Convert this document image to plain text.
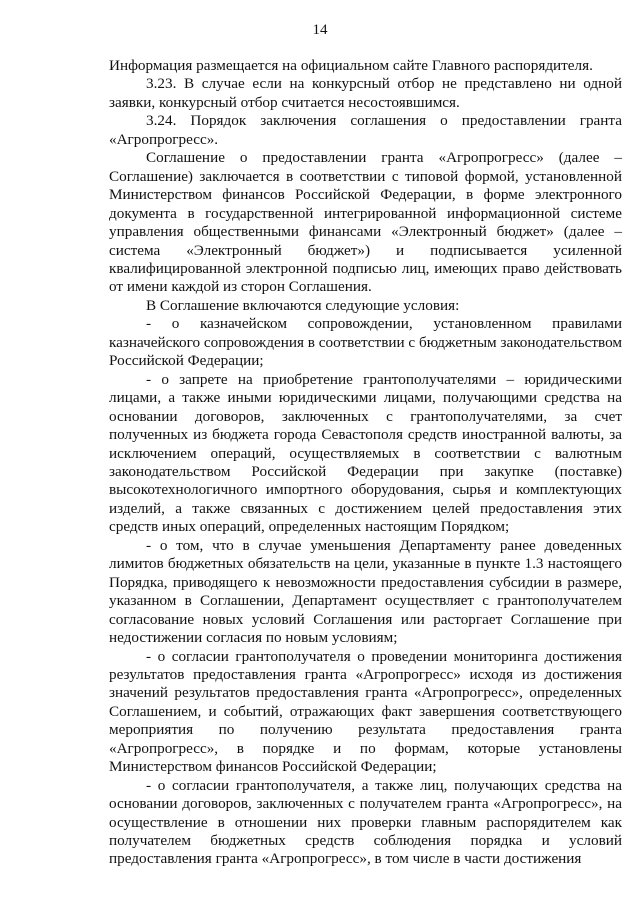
14

Информация размещается на официальном сайте Главного распорядителя.

3.23. В случае если на конкурсный отбор не представлено ни одной заявки, конкурсный отбор считается несостоявшимся.

3.24. Порядок заключения соглашения о предоставлении гранта «Агропрогресс».

Соглашение о предоставлении гранта «Агропрогресс» (далее – Соглашение) заключается в соответствии с типовой формой, установленной Министерством финансов Российской Федерации, в форме электронного документа в государственной интегрированной информационной системе управления общественными финансами «Электронный бюджет» (далее – система «Электронный бюджет») и подписывается усиленной квалифицированной электронной подписью лиц, имеющих право действовать от имени каждой из сторон Соглашения.

В Соглашение включаются следующие условия:

- о казначейском сопровождении, установленном правилами казначейского сопровождения в соответствии с бюджетным законодательством Российской Федерации;

- о запрете на приобретение грантополучателями – юридическими лицами, а также иными юридическими лицами, получающими средства на основании договоров, заключенных с грантополучателями, за счет полученных из бюджета города Севастополя средств иностранной валюты, за исключением операций, осуществляемых в соответствии с валютным законодательством Российской Федерации при закупке (поставке) высокотехнологичного импортного оборудования, сырья и комплектующих изделий, а также связанных с достижением целей предоставления этих средств иных операций, определенных настоящим Порядком;

- о том, что в случае уменьшения Департаменту ранее доведенных лимитов бюджетных обязательств на цели, указанные в пункте 1.3 настоящего Порядка, приводящего к невозможности предоставления субсидии в размере, указанном в Соглашении, Департамент осуществляет с грантополучателем согласование новых условий Соглашения или расторгает Соглашение при недостижении согласия по новым условиям;

- о согласии грантополучателя о проведении мониторинга достижения результатов предоставления гранта «Агропрогресс» исходя из достижения значений результатов предоставления гранта «Агропрогресс», определенных Соглашением, и событий, отражающих факт завершения соответствующего мероприятия по получению результата предоставления гранта «Агропрогресс», в порядке и по формам, которые установлены Министерством финансов Российской Федерации;

- о согласии грантополучателя, а также лиц, получающих средства на основании договоров, заключенных с получателем гранта «Агропрогресс», на осуществление в отношении них проверки главным распорядителем как получателем бюджетных средств соблюдения порядка и условий предоставления гранта «Агропрогресс», в том числе в части достижения
